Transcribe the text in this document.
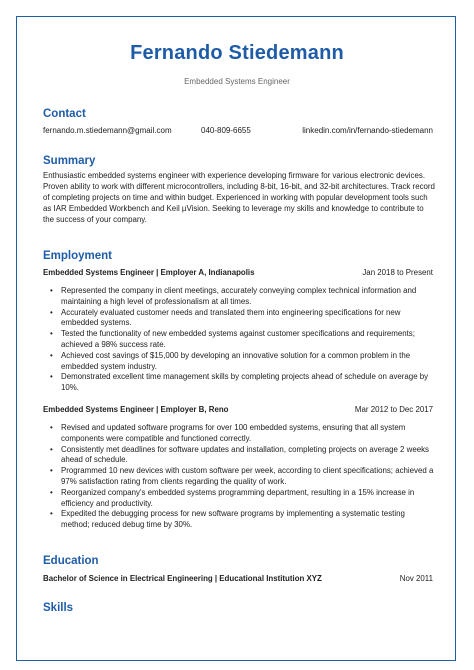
Fernando Stiedemann
Embedded Systems Engineer
Contact
fernando.m.stiedemann@gmail.com	040-809-6655	linkedin.com/in/fernando-stiedemann
Summary
Enthusiastic embedded systems engineer with experience developing firmware for various electronic devices. Proven ability to work with different microcontrollers, including 8-bit, 16-bit, and 32-bit architectures. Track record of completing projects on time and within budget. Experienced in working with popular development tools such as IAR Embedded Workbench and Keil µVision. Seeking to leverage my skills and knowledge to contribute to the success of your company.
Employment
Embedded Systems Engineer | Employer A, Indianapolis	Jan 2018 to Present
• Represented the company in client meetings, accurately conveying complex technical information and maintaining a high level of professionalism at all times.
• Accurately evaluated customer needs and translated them into engineering specifications for new embedded systems.
• Tested the functionality of new embedded systems against customer specifications and requirements; achieved a 98% success rate.
• Achieved cost savings of $15,000 by developing an innovative solution for a common problem in the embedded system industry.
• Demonstrated excellent time management skills by completing projects ahead of schedule on average by 10%.
Embedded Systems Engineer | Employer B, Reno	Mar 2012 to Dec 2017
• Revised and updated software programs for over 100 embedded systems, ensuring that all system components were compatible and functioned correctly.
• Consistently met deadlines for software updates and installation, completing projects on average 2 weeks ahead of schedule.
• Programmed 10 new devices with custom software per week, according to client specifications; achieved a 97% satisfaction rating from clients regarding the quality of work.
• Reorganized company's embedded systems programming department, resulting in a 15% increase in efficiency and productivity.
• Expedited the debugging process for new software programs by implementing a systematic testing method; reduced debug time by 30%.
Education
Bachelor of Science in Electrical Engineering | Educational Institution XYZ	Nov 2011
Skills
